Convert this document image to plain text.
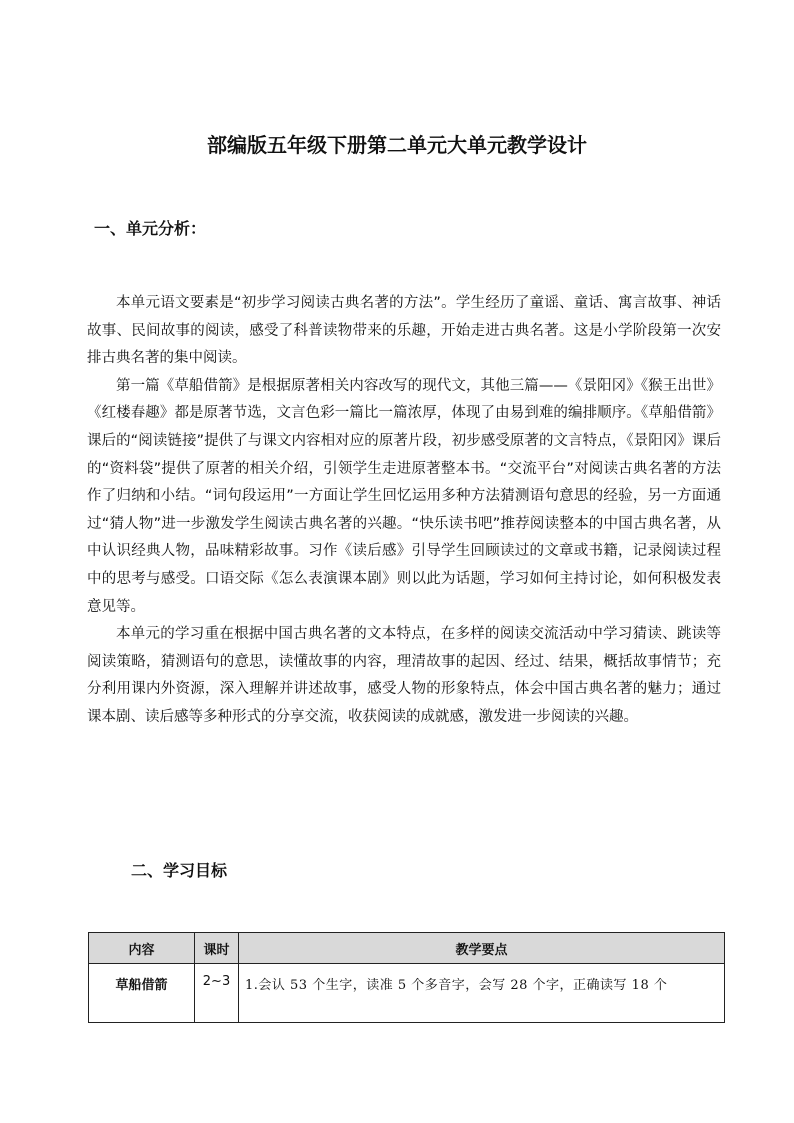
部编版五年级下册第二单元大单元教学设计
一、单元分析：

本单元语文要素是“初步学习阅读古典名著的方法”。学生经历了童谣、童话、寓言故事、神话故事、民间故事的阅读，感受了科普读物带来的乐趣，开始走进古典名著。这是小学阶段第一次安排古典名著的集中阅读。

第一篇《草船借箭》是根据原著相关内容改写的现代文，其他三篇——《景阳冈》《猴王出世》《红楼春趣》都是原著节选，文言色彩一篇比一篇浓厚，体现了由易到难的编排顺序。《草船借箭》课后的“阅读链接”提供了与课文内容相对应的原著片段，初步感受原著的文言特点，《景阳冈》课后的“资料袋”提供了原著的相关介绍，引领学生走进原著整本书。“交流平台”对阅读古典名著的方法作了归纳和小结。“词句段运用”一方面让学生回忆运用多种方法猜测语句意思的经验，另一方面通过“猜人物”进一步激发学生阅读古典名著的兴趣。“快乐读书吧”推荐阅读整本的中国古典名著，从中认识经典人物，品味精彩故事。习作《读后感》引导学生回顾读过的文章或书籍，记录阅读过程中的思考与感受。口语交际《怎么表演课本剧》则以此为话题，学习如何主持讨论，如何积极发表意见等。

本单元的学习重在根据中国古典名著的文本特点，在多样的阅读交流活动中学习猜读、跳读等阅读策略，猜测语句的意思，读懂故事的内容，理清故事的起因、经过、结果，概括故事情节；充分利用课内外资源，深入理解并讲述故事，感受人物的形象特点，体会中国古典名著的魅力；通过课本剧、读后感等多种形式的分享交流，收获阅读的成就感，激发进一步阅读的兴趣。

二、学习目标
内容	课时	教学要点
草船借箭	2~3	1.会认 53 个生字，读准 5 个多音字，会写 28 个字，正确读写 18 个
